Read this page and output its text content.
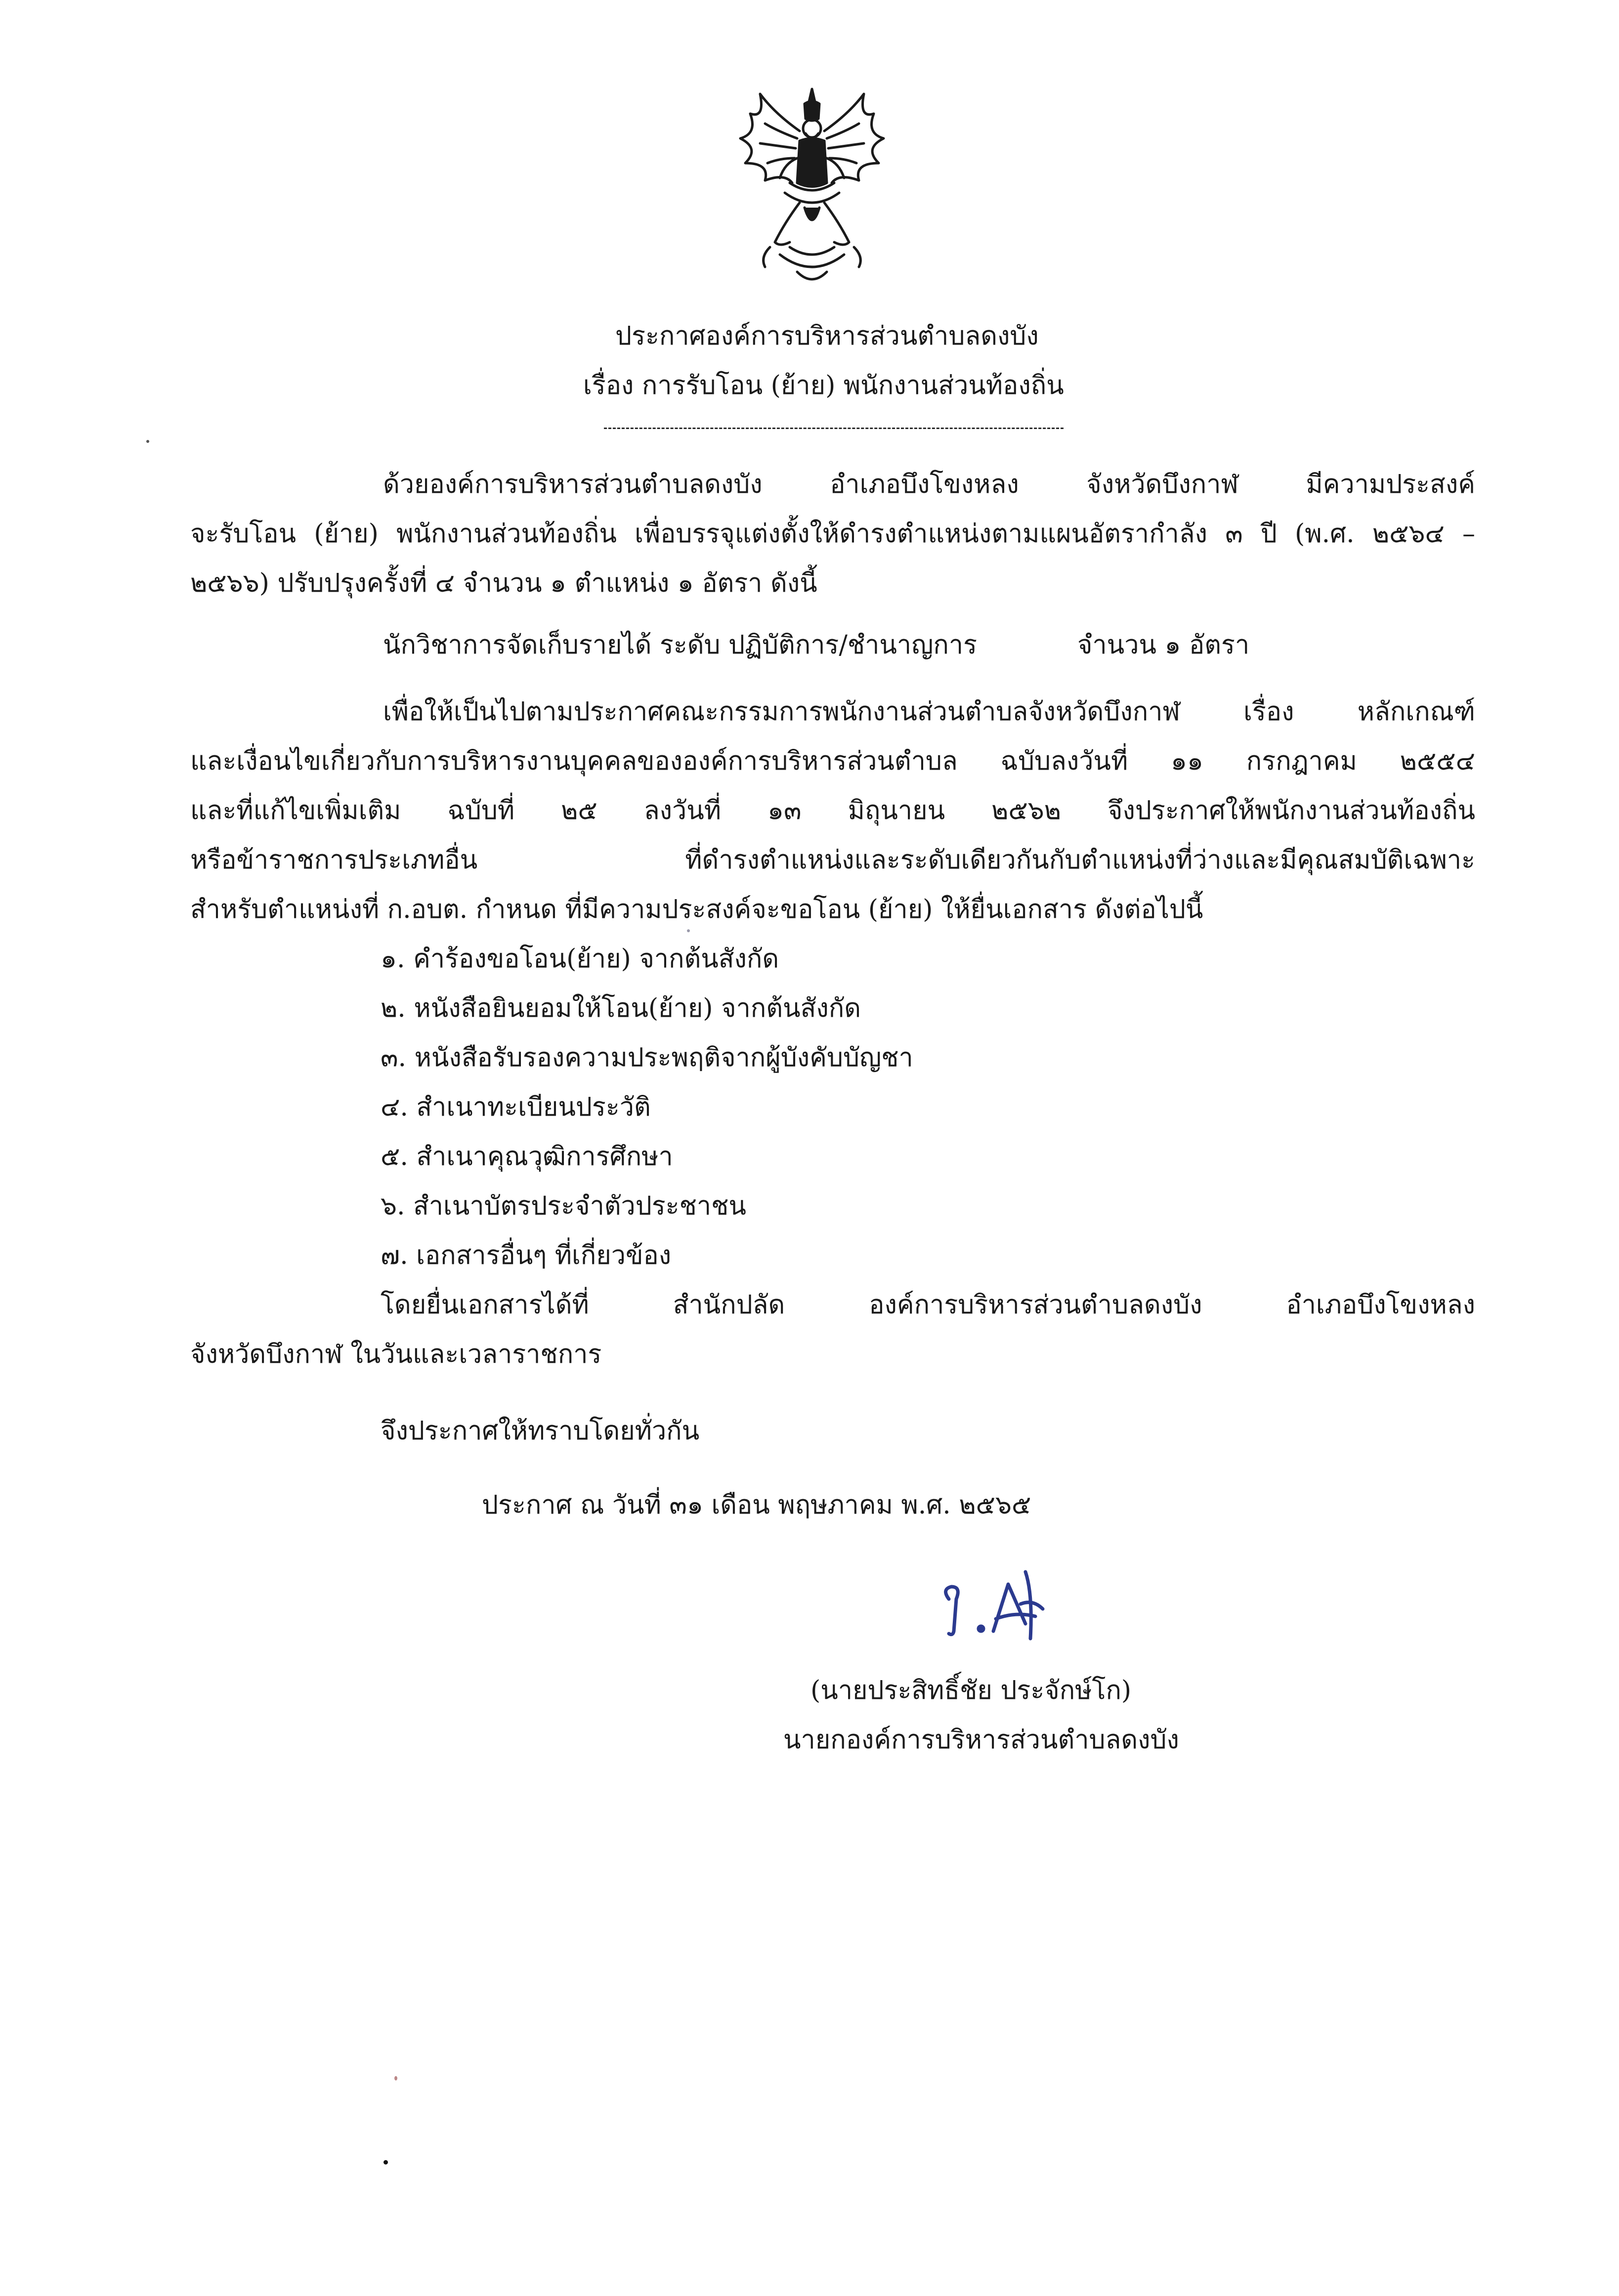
ประกาศองค์การบริหารส่วนตำบลดงบัง
เรื่อง การรับโอน (ย้าย) พนักงานส่วนท้องถิ่น
ด้วยองค์การบริหารส่วนตำบลดงบัง อำเภอบึงโขงหลง จังหวัดบึงกาฬ มีความประสงค์
จะรับโอน (ย้าย) พนักงานส่วนท้องถิ่น เพื่อบรรจุแต่งตั้งให้ดำรงตำแหน่งตามแผนอัตรากำลัง ๓ ปี (พ.ศ. ๒๕๖๔ –
๒๕๖๖) ปรับปรุงครั้งที่ ๔ จำนวน ๑ ตำแหน่ง ๑ อัตรา ดังนี้
นักวิชาการจัดเก็บรายได้ ระดับ ปฏิบัติการ/ชำนาญการ	จำนวน ๑ อัตรา
เพื่อให้เป็นไปตามประกาศคณะกรรมการพนักงานส่วนตำบลจังหวัดบึงกาฬ เรื่อง หลักเกณฑ์
และเงื่อนไขเกี่ยวกับการบริหารงานบุคคลขององค์การบริหารส่วนตำบล ฉบับลงวันที่ ๑๑ กรกฎาคม ๒๕๕๔
และที่แก้ไขเพิ่มเติม ฉบับที่ ๒๕ ลงวันที่ ๑๓ มิถุนายน ๒๕๖๒ จึงประกาศให้พนักงานส่วนท้องถิ่น
หรือข้าราชการประเภทอื่น ที่ดำรงตำแหน่งและระดับเดียวกันกับตำแหน่งที่ว่างและมีคุณสมบัติเฉพาะ
สำหรับตำแหน่งที่ ก.อบต. กำหนด ที่มีความประสงค์จะขอโอน (ย้าย) ให้ยื่นเอกสาร ดังต่อไปนี้
๑. คำร้องขอโอน(ย้าย) จากต้นสังกัด
๒. หนังสือยินยอมให้โอน(ย้าย) จากต้นสังกัด
๓. หนังสือรับรองความประพฤติจากผู้บังคับบัญชา
๔. สำเนาทะเบียนประวัติ
๕. สำเนาคุณวุฒิการศึกษา
๖. สำเนาบัตรประจำตัวประชาชน
๗. เอกสารอื่นๆ ที่เกี่ยวข้อง
โดยยื่นเอกสารได้ที่ สำนักปลัด องค์การบริหารส่วนตำบลดงบัง อำเภอบึงโขงหลง
จังหวัดบึงกาฬ ในวันและเวลาราชการ
จึงประกาศให้ทราบโดยทั่วกัน
ประกาศ ณ วันที่ ๓๑ เดือน พฤษภาคม พ.ศ. ๒๕๖๕
(นายประสิทธิ์ชัย ประจักษ์โก)
นายกองค์การบริหารส่วนตำบลดงบัง
